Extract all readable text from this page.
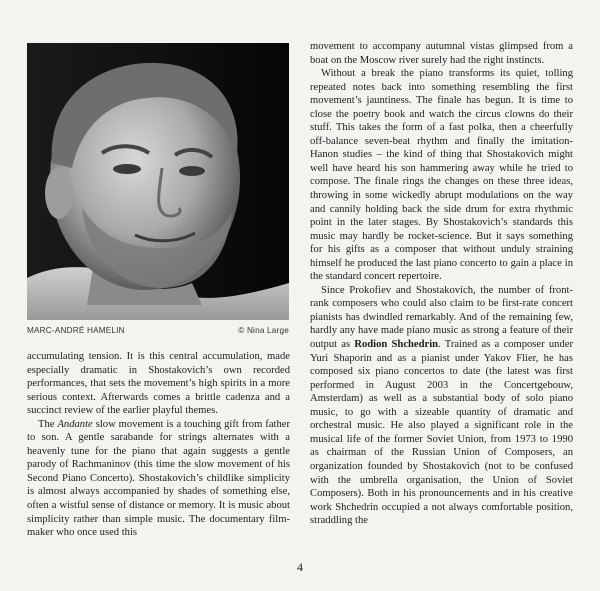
MARC-ANDRÉ HAMELIN	© Nina Large

accumulating tension. It is this central accumulation, made especially dramatic in Shostakovich’s own recorded performances, that sets the movement’s high spirits in a more serious context. Afterwards comes a brittle cadenza and a succinct review of the earlier playful themes.

The Andante slow movement is a touching gift from father to son. A gentle sarabande for strings alternates with a heavenly tune for the piano that again suggests a gentle parody of Rachmaninov (this time the slow movement of his Second Piano Concerto). Shostakovich’s childlike simplicity is almost always accompanied by shades of something else, often a wistful sense of distance or memory. It is music about simplicity rather than simple music. The documentary film-maker who once used this

movement to accompany autumnal vistas glimpsed from a boat on the Moscow river surely had the right instincts.

Without a break the piano transforms its quiet, tolling repeated notes back into something resembling the first movement’s jauntiness. The finale has begun. It is time to close the poetry book and watch the circus clowns do their stuff. This takes the form of a fast polka, then a cheerfully off-balance seven-beat rhythm and finally the imitation-Hanon studies – the kind of thing that Shostakovich might well have heard his son hammering away while he tried to compose. The finale rings the changes on these three ideas, throwing in some wickedly abrupt modulations on the way and cannily holding back the side drum for extra rhythmic point in the later stages. By Shostakovich’s standards this music may hardly be rocket-science. But it says something for his gifts as a composer that without unduly straining himself he produced the last piano concerto to gain a place in the standard concert repertoire.

Since Prokofiev and Shostakovich, the number of front-rank composers who could also claim to be first-rate concert pianists has dwindled remarkably. And of the remaining few, hardly any have made piano music as strong a feature of their output as Rodion Shchedrin. Trained as a composer under Yuri Shaporin and as a pianist under Yakov Flier, he has composed six piano concertos to date (the latest was first performed in August 2003 in the Concertgebouw, Amsterdam) as well as a substantial body of solo piano music, to go with a sizeable quantity of dramatic and orchestral music. He also played a significant role in the musical life of the former Soviet Union, from 1973 to 1990 as chairman of the Russian Union of Composers, an organization founded by Shostakovich (not to be confused with the umbrella organisation, the Union of Soviet Composers). Both in his pronouncements and in his creative work Shchedrin occupied a not always comfortable position, straddling the

4
